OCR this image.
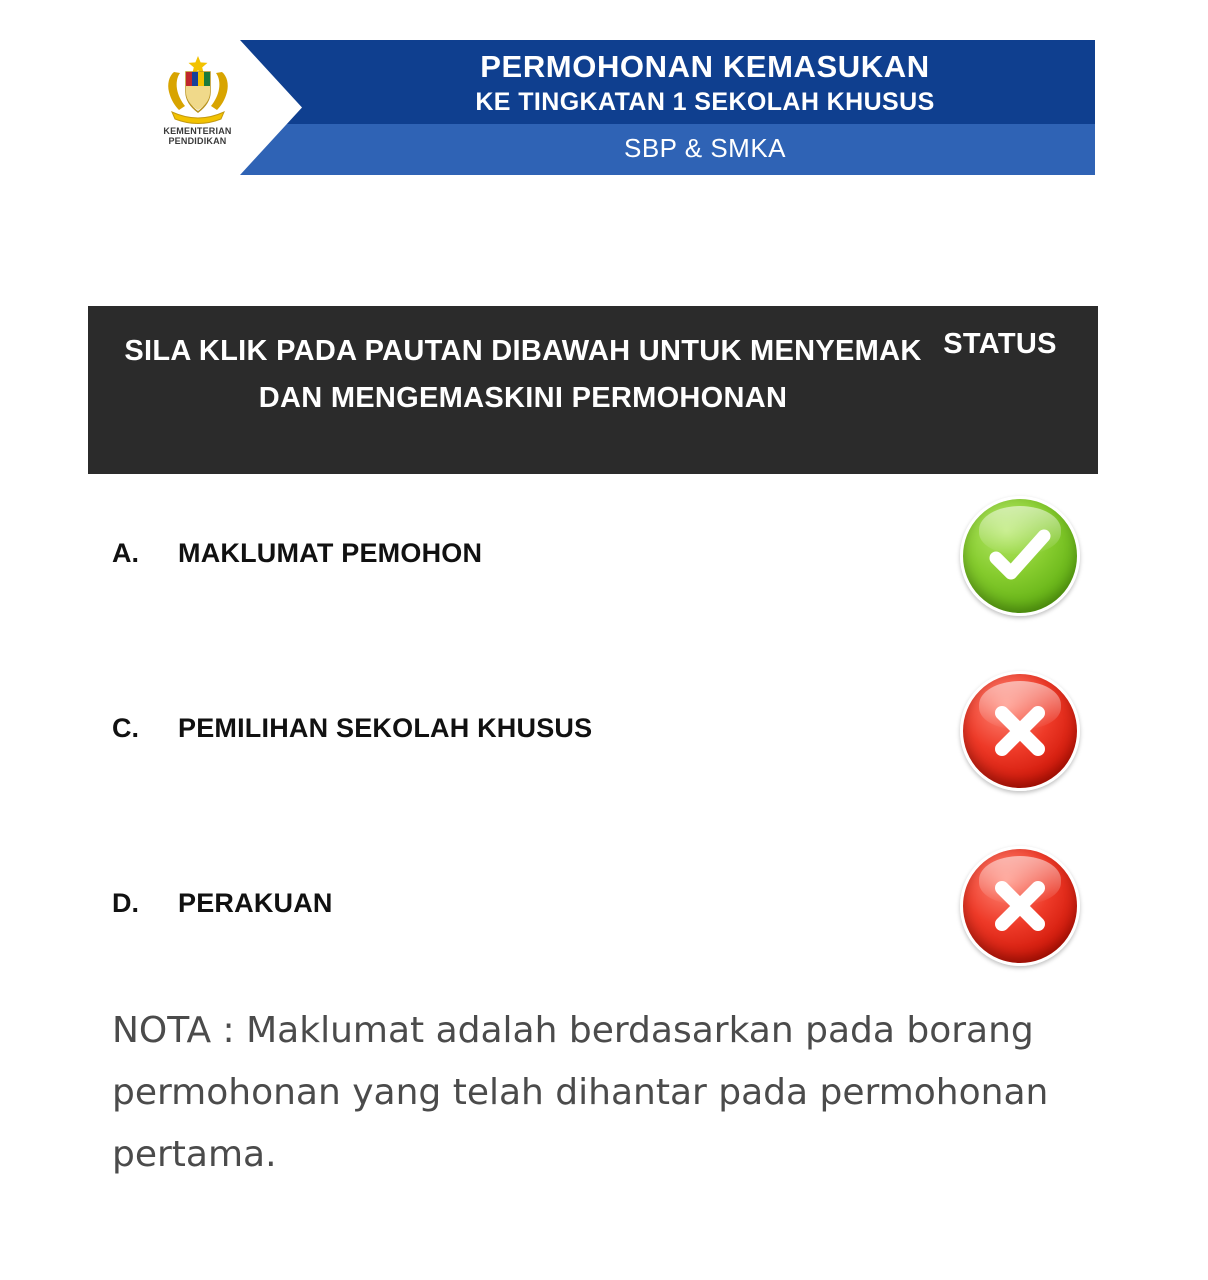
KEMENTERIAN PENDIDIKAN
PERMOHONAN KEMASUKAN
KE TINGKATAN 1 SEKOLAH KHUSUS
SBP & SMKA
SILA KLIK PADA PAUTAN DIBAWAH UNTUK MENYEMAK DAN MENGEMASKINI PERMOHONAN
STATUS
A. MAKLUMAT PEMOHON
C. PEMILIHAN SEKOLAH KHUSUS
D. PERAKUAN
NOTA : Maklumat adalah berdasarkan pada borang permohonan yang telah dihantar pada permohonan pertama.
